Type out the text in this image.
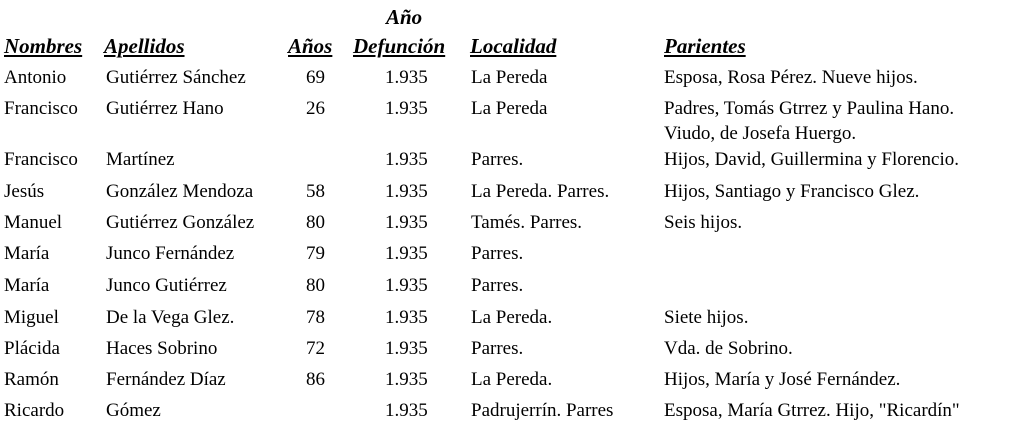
Año
Nombres Apellidos	Años Defunción Localidad	Parientes
Antonio Gutiérrez Sánchez	69	1.935 La Pereda	Esposa, Rosa Pérez. Nueve hijos.
Francisco Gutiérrez Hano	26	1.935 La Pereda	Padres, Tomás Gtrrez y Paulina Hano.
Viudo, de Josefa Huergo.
Francisco Martínez	1.935 Parres.	Hijos, David, Guillermina y Florencio.
Jesús	González Mendoza	58	1.935 La Pereda. Parres.	Hijos, Santiago y Francisco Glez.
Manuel Gutiérrez González	80	1.935 Tamés. Parres.	Seis hijos.
María	Junco Fernández	79	1.935 Parres.
María	Junco Gutiérrez	80	1.935 Parres.
Miguel De la Vega Glez.	78	1.935 La Pereda.	Siete hijos.
Plácida Haces Sobrino	72	1.935 Parres.	Vda. de Sobrino.
Ramón Fernández Díaz	86	1.935 La Pereda.	Hijos, María y José Fernández.
Ricardo Gómez	1.935 Padrujerrín. Parres	Esposa, María Gtrrez. Hijo, "Ricardín"
